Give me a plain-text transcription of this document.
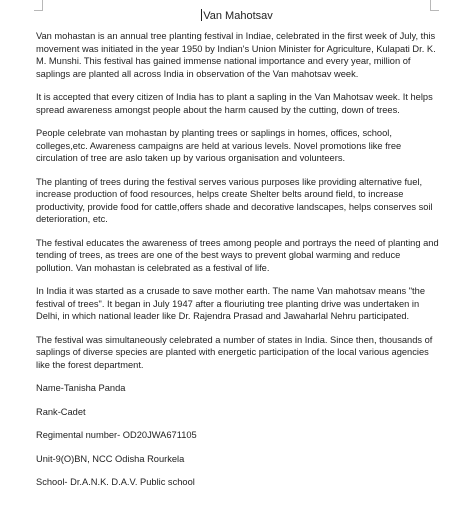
Van Mahotsav

Van mohastan is an annual tree planting festival in Indiae, celebrated in the first week of July, this movement was initiated in the year 1950 by Indian's Union Minister for Agriculture, Kulapati Dr. K. M. Munshi. This festival has gained immense national importance and every year, million of saplings are planted all across India in observation of the Van mahotsav week.

It is accepted that every citizen of India has to plant a sapling in the Van Mahotsav week. It helps spread awareness amongst people about the harm caused by the cutting, down of trees.

People celebrate van mohastan by planting trees or saplings in homes, offices, school, colleges,etc. Awareness campaigns are held at various levels. Novel promotions like free circulation of tree are aslo taken up by various organisation and volunteers.

The planting of trees during the festival serves various purposes like providing alternative fuel, increase production of food resources, helps create Shelter belts around field, to increase productivity, provide food for cattle,offers shade and decorative landscapes, helps conserves soil deterioration, etc.

The festival educates the awareness of trees among people and portrays the need of planting and tending of trees, as trees are one of the best ways to prevent global warming and reduce pollution. Van mohastan is celebrated as a festival of life.

In India it was started as a crusade to save mother earth. The name Van mahotsav means "the festival of trees". It began in July 1947 after a flouriuting tree planting drive was undertaken in Delhi, in which national leader like Dr. Rajendra Prasad and Jawaharlal Nehru participated.

The festival was simultaneously celebrated a number of states in India. Since then, thousands of saplings of diverse species are planted with energetic participation of the local various agencies like the forest department.

Name-Tanisha Panda

Rank-Cadet

Regimental number- OD20JWA671105

Unit-9(O)BN, NCC Odisha Rourkela

School- Dr.A.N.K. D.A.V. Public school
